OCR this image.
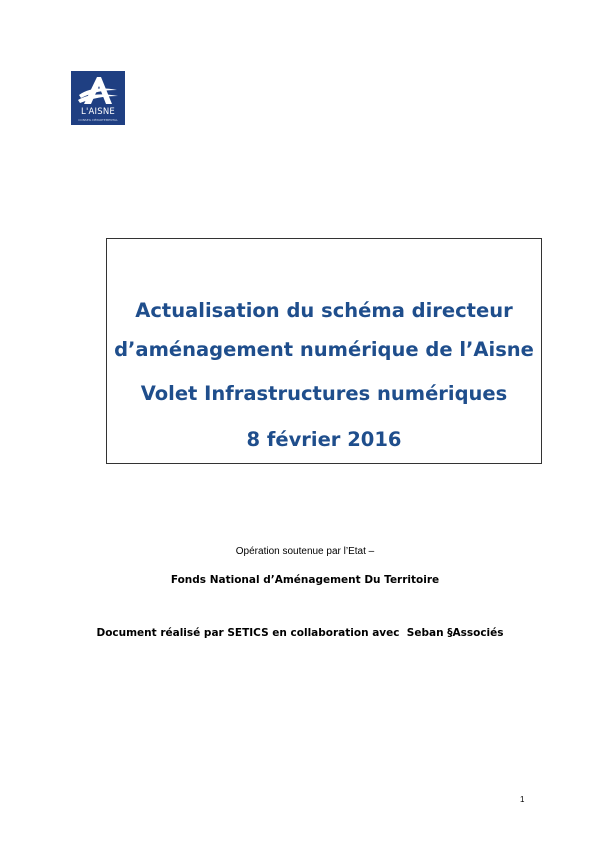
L'AISNE
CONSEIL DÉPARTEMENTAL
Actualisation du schéma directeur
d’aménagement numérique de l’Aisne
Volet Infrastructures numériques
8 février 2016
Opération soutenue par l’Etat –
Fonds National d’Aménagement Du Territoire
Document réalisé par SETICS en collaboration avec  Seban §Associés
1
